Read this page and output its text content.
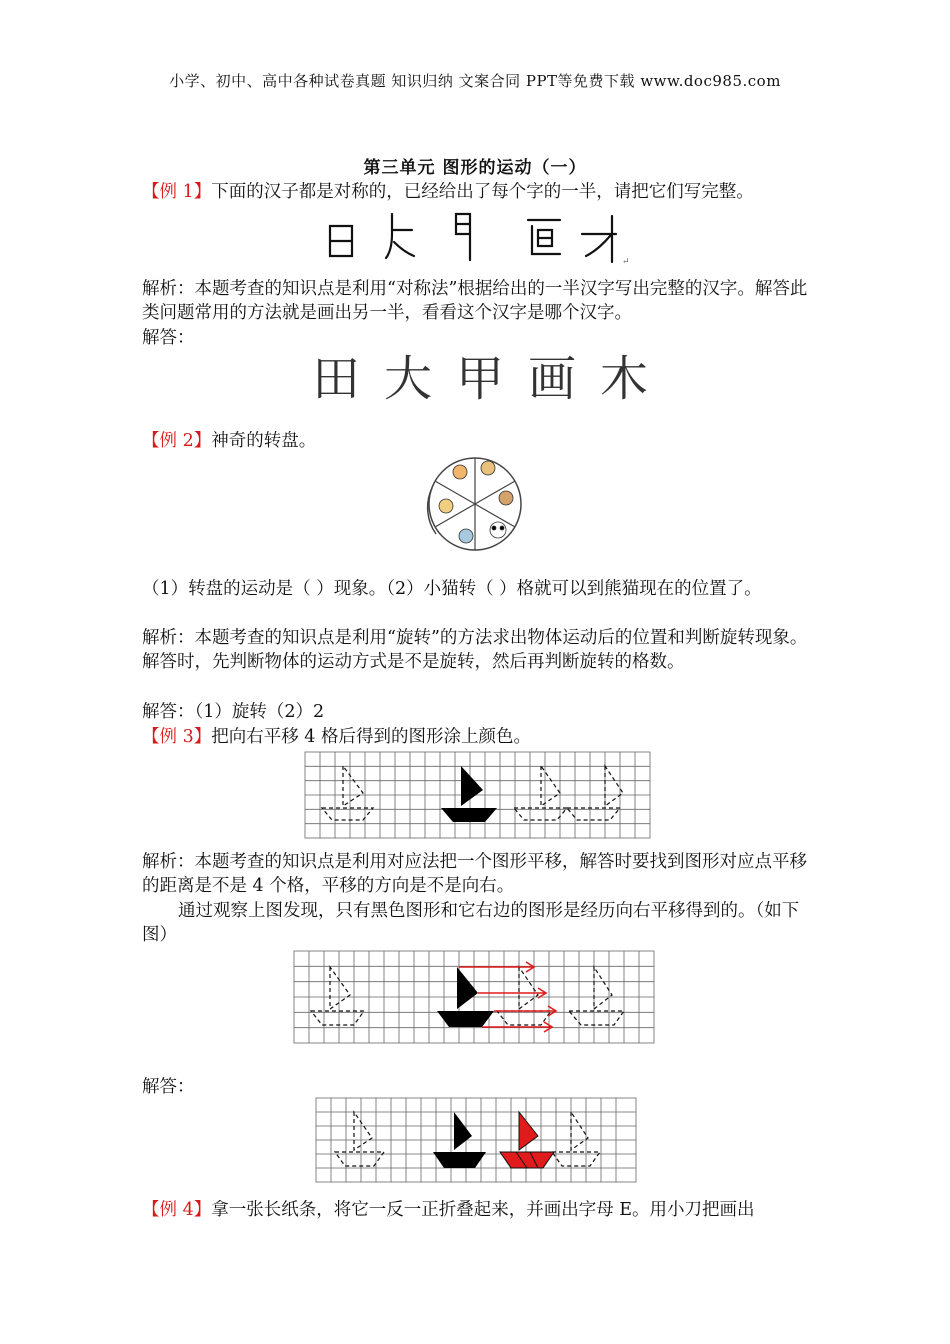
小学、初中、高中各种试卷真题 知识归纳 文案合同 PPT等免费下载 www.doc985.com
第三单元 图形的运动（一）
【例 1】下面的汉子都是对称的，已经给出了每个字的一半，请把它们写完整。
↵
解析：本题考查的知识点是利用“对称法”根据给出的一半汉字写出完整的汉字。解答此类问题常用的方法就是画出另一半，看看这个汉字是哪个汉字。
解答：
田 大 甲 画 木
【例 2】神奇的转盘。
（1）转盘的运动是（ ）现象。（2）小猫转（ ）格就可以到熊猫现在的位置了。
解析：本题考查的知识点是利用“旋转”的方法求出物体运动后的位置和判断旋转现象。解答时，先判断物体的运动方式是不是旋转，然后再判断旋转的格数。
解答：（1）旋转（2）2
【例 3】把向右平移 4 格后得到的图形涂上颜色。
解析：本题考查的知识点是利用对应法把一个图形平移，解答时要找到图形对应点平移的距离是不是 4 个格，平移的方向是不是向右。
通过观察上图发现，只有黑色图形和它右边的图形是经历向右平移得到的。（如下图）
解答：
【例 4】拿一张长纸条，将它一反一正折叠起来，并画出字母 E。用小刀把画出
